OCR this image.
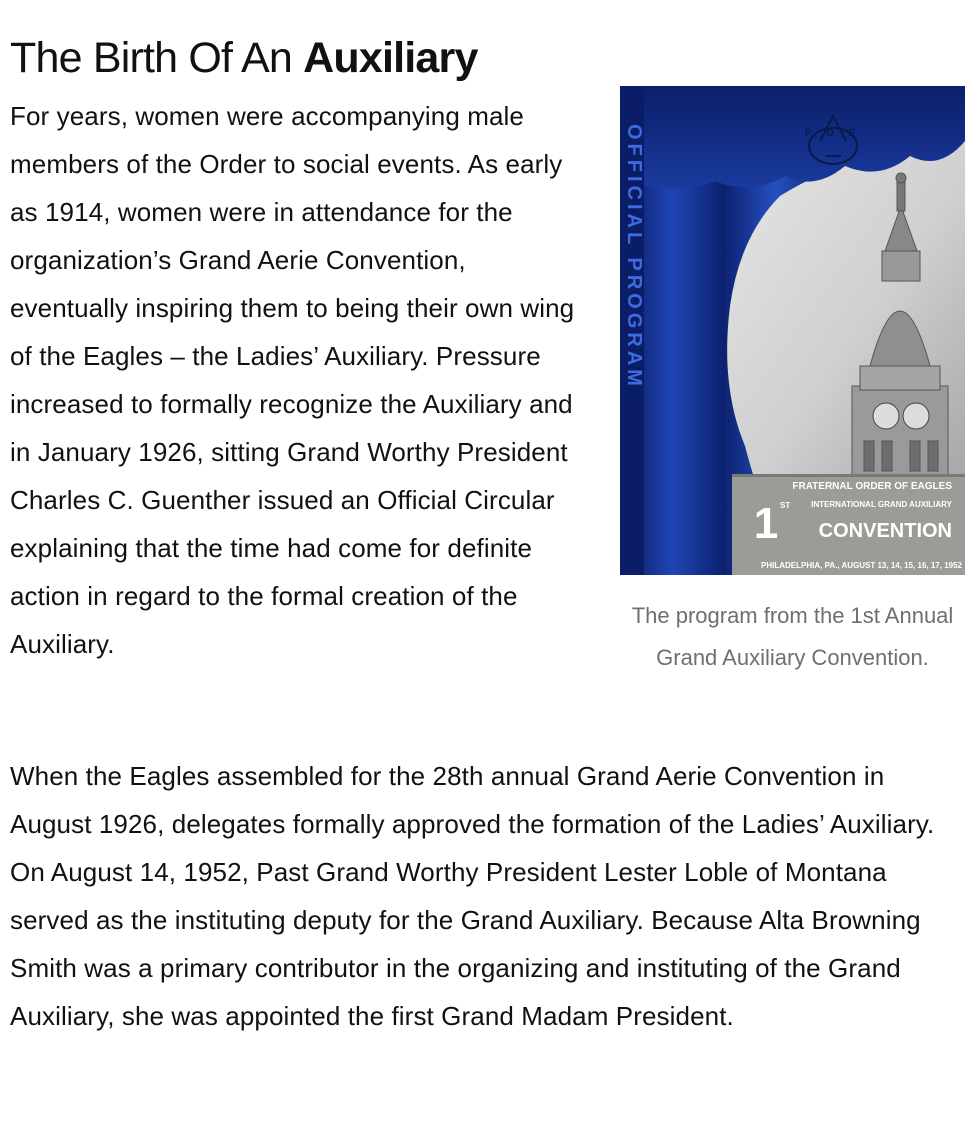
The Birth Of An Auxiliary

For years, women were accompanying male members of the Order to social events. As early as 1914, women were in attendance for the organization’s Grand Aerie Convention, eventually inspiring them to being their own wing of the Eagles – the Ladies’ Auxiliary. Pressure increased to formally recognize the Auxiliary and in January 1926, sitting Grand Worthy President Charles C. Guenther issued an Official Circular explaining that the time had come for definite action in regard to the formal creation of the Auxiliary.

F O E
OFFICIAL PROGRAM
FRATERNAL ORDER OF EAGLES
1 ST	INTERNATIONAL GRAND AUXILIARY
CONVENTION
PHILADELPHIA, PA., AUGUST 13, 14, 15, 16, 17, 1952
The program from the 1st Annual Grand Auxiliary Convention.

When the Eagles assembled for the 28th annual Grand Aerie Convention in August 1926, delegates formally approved the formation of the Ladies’ Auxiliary. On August 14, 1952, Past Grand Worthy President Lester Loble of Montana served as the instituting deputy for the Grand Auxiliary. Because Alta Browning Smith was a primary contributor in the organizing and instituting of the Grand Auxiliary, she was appointed the first Grand Madam President.
